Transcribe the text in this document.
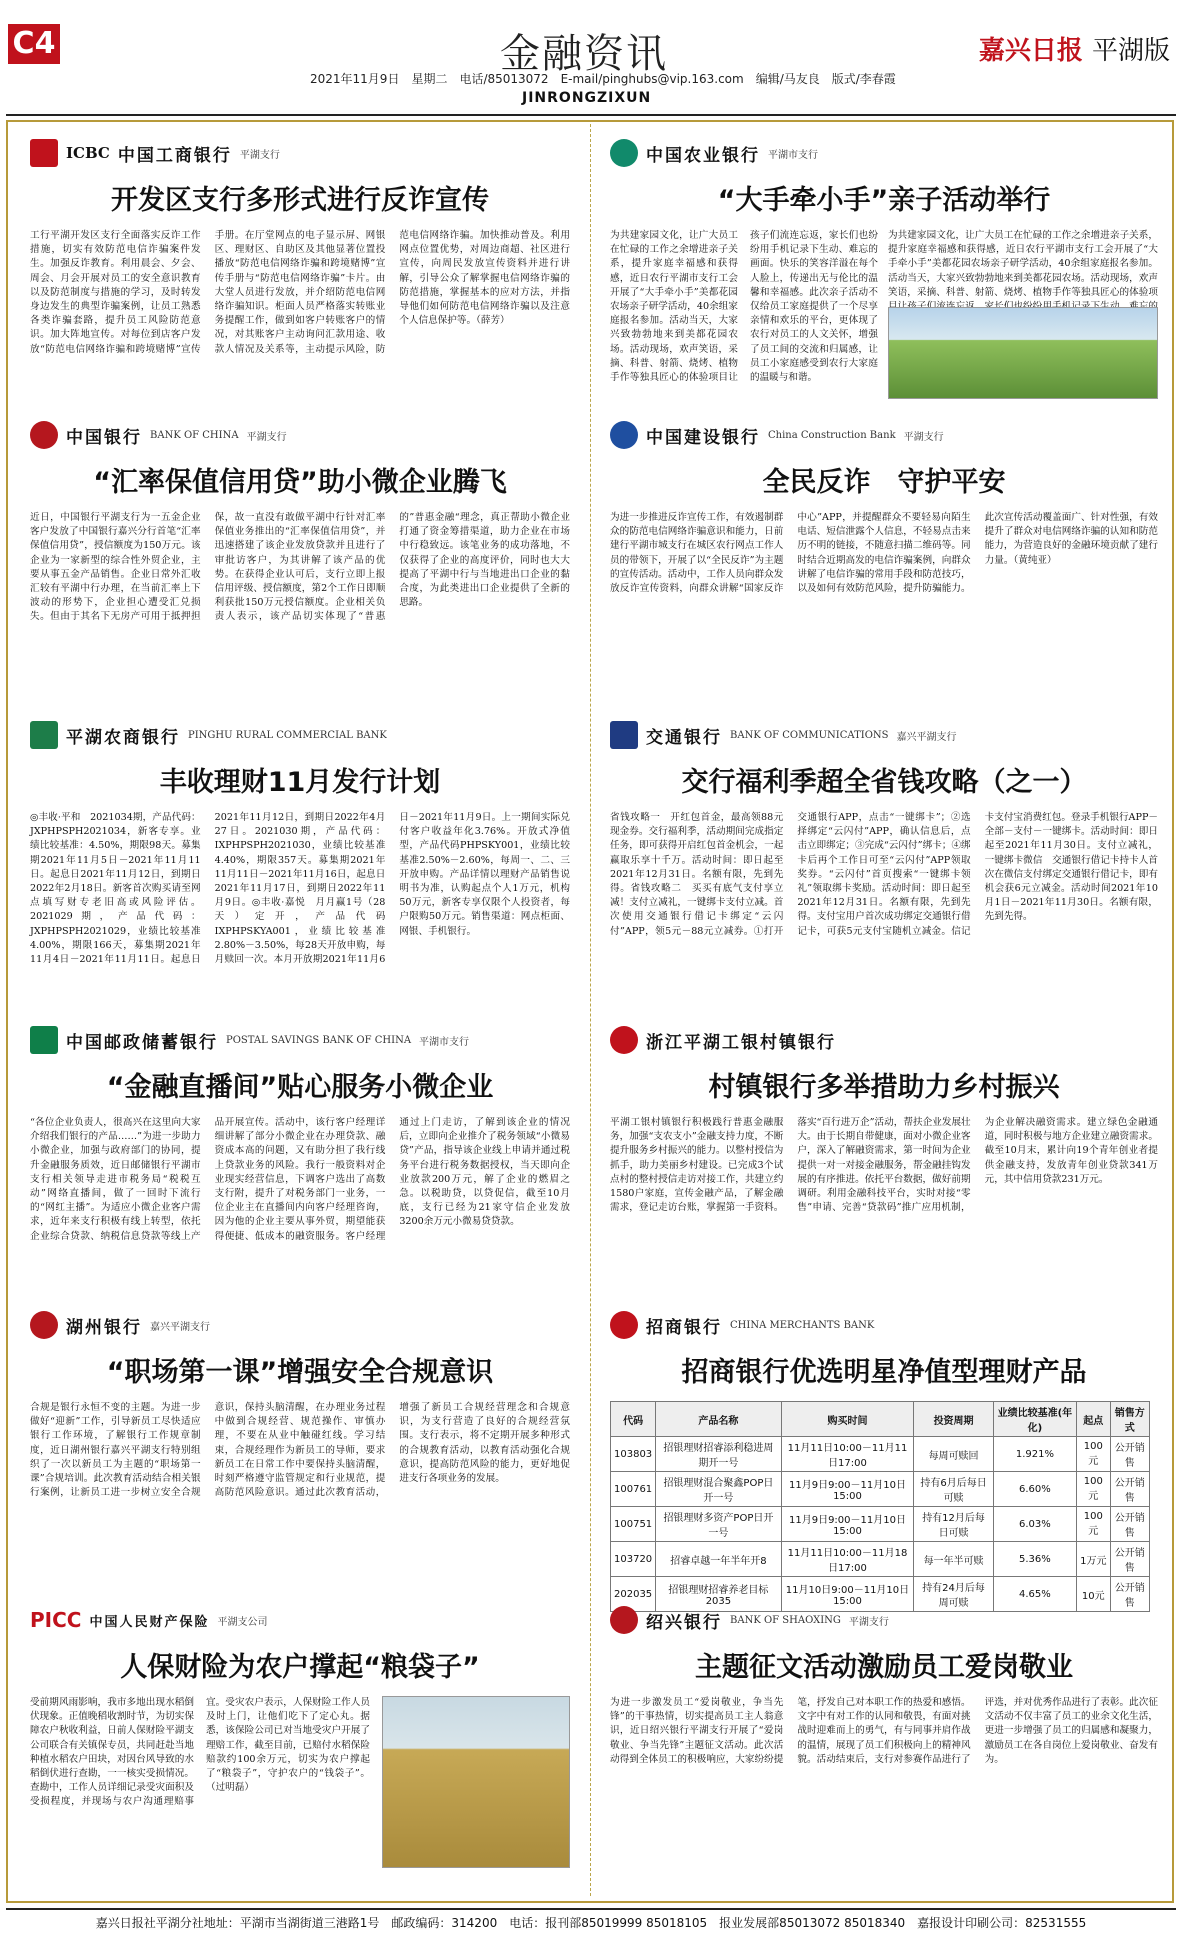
C4	金融资讯	嘉兴日报 平湖版
2021年11月9日　星期二　电话/85013072　E-mail/pinghubs@vip.163.com　编辑/马友良　版式/李春霞
JINRONGZIXUN
ICBC 中国工商银行 平湖支行
开发区支行多形式进行反诈宣传
工行平湖开发区支行全面落实反诈工作措施，切实有效防范电信诈骗案件发生。加强反诈教育。利用晨会、夕会、周会、月会开展对员工的安全意识教育以及防范制度与措施的学习，及时转发身边发生的典型诈骗案例，让员工熟悉各类诈骗套路，提升员工风险防范意识。加大阵地宣传。对每位到店客户发放“防范电信网络诈骗和跨境赌博”宣传手册。在厅堂网点的电子显示屏、网银区、理财区、自助区及其他显著位置投播放“防范电信网络诈骗和跨境赌博”宣传手册与“防范电信网络诈骗”卡片。由大堂人员进行发放，并介绍防范电信网络诈骗知识。柜面人员严格落实转账业务提醒工作，做到如客户转账客户的情况，对其账客户主动询问汇款用途、收款人情况及关系等，主动提示风险，防范电信网络诈骗。加快推动普及。利用网点位置优势，对周边商超、社区进行宣传，向周民发放宣传资料并进行讲解，引导公众了解掌握电信网络诈骗的防范措施，掌握基本的应对方法，并指导他们如何防范电信网络诈骗以及注意个人信息保护等。（薛芳）
中国农业银行 平湖市支行
“大手牵小手”亲子活动举行
为共建家园文化，让广大员工在忙碌的工作之余增进亲子关系，提升家庭幸福感和获得感，近日农行平湖市支行工会开展了“大手牵小手”美都花园农场亲子研学活动，40余组家庭报名参加。活动当天，大家兴致勃勃地来到美都花园农场。活动现场，欢声笑语，采摘、科普、射箭、烧烤、植物手作等独具匠心的体验项目让孩子们流连忘返，家长们也纷纷用手机记录下生动、难忘的画面。快乐的笑容洋溢在每个人脸上，传递出无与伦比的温馨和幸福感。此次亲子活动不仅给员工家庭提供了一个尽享亲情和欢乐的平台，更体现了农行对员工的人文关怀，增强了员工间的交流和归属感，让员工小家庭感受到农行大家庭的温暖与和谐。
为共建家园文化，让广大员工在忙碌的工作之余增进亲子关系，提升家庭幸福感和获得感，近日农行平湖市支行工会开展了“大手牵小手”美都花园农场亲子研学活动，40余组家庭报名参加。活动当天，大家兴致勃勃地来到美都花园农场。活动现场，欢声笑语，采摘、科普、射箭、烧烤、植物手作等独具匠心的体验项
中国银行 BANK OF CHINA 平湖支行
“汇率保值信用贷”助小微企业腾飞
近日，中国银行平湖支行为一五金企业客户发放了中国银行嘉兴分行首笔“汇率保值信用贷”，授信额度为150万元。该企业为一家新型的综合性外贸企业，主要从事五金产品销售。企业日常外汇收汇较有平湖中行办理，在当前汇率上下波动的形势下，企业担心遭受汇兑损失。但由于其名下无房产可用于抵押担保，故一直没有敢做平湖中行针对汇率保值业务推出的“汇率保值信用贷”，并迅速搭建了该企业发放贷款并且进行了审批访客户，为其讲解了该产品的优势。在获得企业认可后，支行立即上报信用评级、授信额度，第2个工作日即顺利获批150万元授信额度。企业相关负责人表示，该产品切实体现了“普惠的”普惠金融“理念，真正帮助小微企业打通了资金筹措渠道，助力企业在市场中行稳致远。该笔业务的成功落地，不仅获得了企业的高度评价，同时也大大提高了平湖中行与当地进出口企业的黏合度，为此类进出口企业提供了全新的思路。
中国建设银行 China Construction Bank 平湖支行
全民反诈　守护平安
为进一步推进反诈宣传工作，有效遏制群众的防范电信网络诈骗意识和能力，日前建行平湖市城支行在城区农行网点工作人员的带领下，开展了以“全民反诈”为主题的宣传活动。活动中，工作人员向群众发放反诈宣传资料，向群众讲解“国家反诈中心”APP，并提醒群众不要轻易向陌生电话、短信泄露个人信息，不轻易点击来历不明的链接，不随意扫描二维码等。同时结合近期高发的电信诈骗案例，向群众讲解了电信诈骗的常用手段和防范技巧，以及如何有效防范风险，提升防骗能力。此次宣传活动覆盖面广、针对性强，有效提升了群众对电信网络诈骗的认知和防范能力，为营造良好的金融环境贡献了建行力量。（黄纯亚）
平湖农商银行 PINGHU RURAL COMMERCIAL BANK
丰收理财11月发行计划
◎丰收·平和　2021034期，产品代码：JXPHPSPH2021034，新客专享。业绩比较基准：4.50%，期限98天。募集期2021年11月5日－2021年11月11日。起息日2021年11月12日，到期日2022年2月18日。新客首次购买请至网点填写财专老旧高或风险评估。2021029期，产品代码：JXPHPSPH2021029，业绩比较基准4.00%，期限166天，募集期2021年11月4日－2021年11月11日。起息日2021年11月12日，到期日2022年4月27日。2021030期，产品代码：IXPHPSPH2021030，业绩比较基准4.40%，期限357天。募集期2021年11月11日－2021年11月16日，起息日2021年11月17日，到期日2022年11月9日。◎丰收·嘉悦　月月赢1号（28天）定开，产品代码IXPHPSKYA001，业绩比较基准2.80%－3.50%，每28天开放申购，每月赎回一次。本月开放期2021年11月6日－2021年11月9日。上一期间实际兑付客户收益年化3.76%。开放式净值型，产品代码PHPSKY001，业绩比较基准2.50%－2.60%，每周一、二、三开放申购。产品详情以理财产品销售说明书为准，认购起点个人1万元，机构50万元，新客专享仅限个人投资者，每户限购50万元。销售渠道：网点柜面、网银、手机银行。
交通银行 BANK OF COMMUNICATIONS 嘉兴平湖支行
交行福利季超全省钱攻略（之一）
省钱攻略一　开红包首金，最高领88元现金券。交行福利季，活动期间完成指定任务，即可获得开启红包首金机会，一起赢取乐享十千万。活动时间：即日起至2021年12月31日。名额有限，先到先得。省钱攻略二　买买有底气支付享立减！支付立减礼，一键绑卡支付立减。首次使用交通银行借记卡绑定“云闪付”APP，领5元－88元立减券。①打开交通银行APP，点击“一键绑卡”；②选择绑定“云闪付”APP，确认信息后，点击立即绑定；③完成“云闪付”绑卡；④绑卡后再个工作日可至“云闪付”APP领取奖券。“云闪付”首页搜索“一键绑卡领礼”领取绑卡奖励。活动时间：即日起至2021年12月31日。名额有限，先到先得。支付宝用户首次成功绑定交通银行借记卡，可获5元支付宝随机立减金。信记卡支付宝消费红包。登录手机银行APP－全部－支付－一键绑卡。活动时间：即日起至2021年11月30日。支付立减礼，一键绑卡微信　交通银行借记卡持卡人首次在微信支付绑定交通银行借记卡，即有机会获6元立减金。活动时间2021年10月1日－2021年11月30日。名额有限，先到先得。
中国邮政储蓄银行 POSTAL SAVINGS BANK OF CHINA 平湖市支行
“金融直播间”贴心服务小微企业
“各位企业负责人，很高兴在这里向大家介绍我们银行的产品……”为进一步助力小微企业，加强与政府部门的协同，提升金融服务质效，近日邮储银行平湖市支行相关领导走进市税务局“税税互动”网络直播间，做了一回时下流行的“网红主播”。为适应小微企业客户需求，近年来支行积极有线上转型，依托企业综合贷款、纳税信息贷款等线上产品开展宣传。活动中，该行客户经理详细讲解了部分小微企业在办理贷款、融资成本高的问题，又有助分担了我行线上贷款业务的风险。我行一般资料对企业现实经营信息，下调客户选出了高数支行附，提升了对税务部门一业务，一位企业主在直播间内向客户经理咨询，因为他的企业主要从事外贸，期望能获得便捷、低成本的融资服务。客户经理通过上门走访，了解到该企业的情况后，立即向企业推介了税务领域“小微易贷”产品，指导该企业线上申请并通过税务平台进行税务数据授权，当天即向企业放款200万元，解了企业的燃眉之急。以税助贷，以贷促信，截至10月底，支行已经为21家守信企业发放3200余万元小微易贷贷款。
浙江平湖工银村镇银行
村镇银行多举措助力乡村振兴
平湖工银村镇银行积极践行普惠金融服务，加强“支农支小”金融支持力度，不断提升服务乡村振兴的能力。以整村授信为抓手，助力美丽乡村建设。已完成3个试点村的整村授信走访对接工作，共建立约1580户家庭，宣传金融产品，了解金融需求，登记走访台账，掌握第一手资料。落实“百行进万企”活动，帮扶企业发展壮大。由于长期自带健康，面对小微企业客户，深入了解融资需求，第一时间为企业提供一对一对接金融服务，帮金融挂钩发展的有序推进。依托平台数据，做好前期调研。利用金融科技平台，实时对接“零售”申请、完善“贷款码”推广应用机制，为企业解决融资需求。建立绿色金融通道，同时积极与地方企业建立融资需求。截至10月末，累计向19个青年创业者提供金融支持，发放青年创业贷款341万元，其中信用贷款231万元。
湖州银行 嘉兴平湖支行
“职场第一课”增强安全合规意识
合规是银行永恒不变的主题。为进一步做好“迎新”工作，引导新员工尽快适应银行工作环境，了解银行工作规章制度，近日湖州银行嘉兴平湖支行特别组织了一次以新员工为主题的“职场第一课”合规培训。此次教育活动结合相关银行案例，让新员工进一步树立安全合规意识，保持头脑清醒，在办理业务过程中做到合规经营、规范操作、审慎办理，不要在从业中触碰红线。学习结束，合规经理作为新员工的导师，要求新员工在日常工作中要保持头脑清醒，时刻严格遵守监管规定和行业规范，提高防范风险意识。通过此次教育活动，增强了新员工合规经营理念和合规意识，为支行营造了良好的合规经营氛围。支行表示，将不定期开展多种形式的合规教育活动，以教育活动强化合规意识，提高防范风险的能力，更好地促进支行各项业务的发展。
招商银行 CHINA MERCHANTS BANK
招商银行优选明星净值型理财产品
代码	产品名称	购买时间	投资周期	业绩比较基准(年化)	起点	销售方式
103803	招银理财招睿添利稳进周期开一号	11月11日10:00－11月11日17:00	每周可赎回	1.921%	100元	公开销售
100761	招银理财混合聚鑫POP日开一号	11月9日9:00－11月10日15:00	持有6月后每日可赎	6.60%	100元	公开销售
100751	招银理财多资产POP日开一号	11月9日9:00－11月10日15:00	持有12月后每日可赎	6.03%	100元	公开销售
103720	招睿卓越一年半年开8	11月11日10:00－11月18日17:00	每一年半可赎	5.36%	1万元	公开销售
202035	招银理财招睿养老目标2035	11月10日9:00－11月10日15:00	持有24月后每周可赎	4.65%	10元	公开销售
PICC 中国人民财产保险 平湖支公司
人保财险为农户撑起“粮袋子”
受前期风雨影响，我市多地出现水稻倒伏现象。正值晚稻收割时节，为切实保障农户秋收利益，日前人保财险平湖支公司联合有关镇保专员，共同赶赴当地种植水稻农户田块，对因台风导致的水稻倒伏进行查勘，一一核实受损情况。查勘中，工作人员详细记录受灾面积及受损程度，并现场与农户沟通理赔事宜。受灾农户表示，人保财险工作人员及时上门，让他们吃下了定心丸。据悉，该保险公司已对当地受灾户开展了理赔工作，截至目前，已赔付水稻保险赔款约100余万元，切实为农户撑起了“粮袋子”，守护农户的“钱袋子”。（过明磊）
绍兴银行 BANK OF SHAOXING 平湖支行
主题征文活动激励员工爱岗敬业
为进一步激发员工“爱岗敬业，争当先锋”的干事热情，切实提高员工主人翁意识，近日绍兴银行平湖支行开展了“爱岗敬业、争当先锋”主题征文活动。此次活动得到全体员工的积极响应，大家纷纷提笔，抒发自己对本职工作的热爱和感悟。文字中有对工作的认同和敬畏，有面对挑战时迎难而上的勇气，有与同事并肩作战的温情，展现了员工们积极向上的精神风貌。活动结束后，支行对参赛作品进行了评选，并对优秀作品进行了表彰。此次征文活动不仅丰富了员工的业余文化生活，更进一步增强了员工的归属感和凝聚力，激励员工在各自岗位上爱岗敬业、奋发有为。
嘉兴日报社平湖分社地址：平湖市当湖街道三港路1号　邮政编码：314200　电话：报刊部85019999 85018105　报业发展部85013072 85018340　嘉报设计印刷公司：82531555
